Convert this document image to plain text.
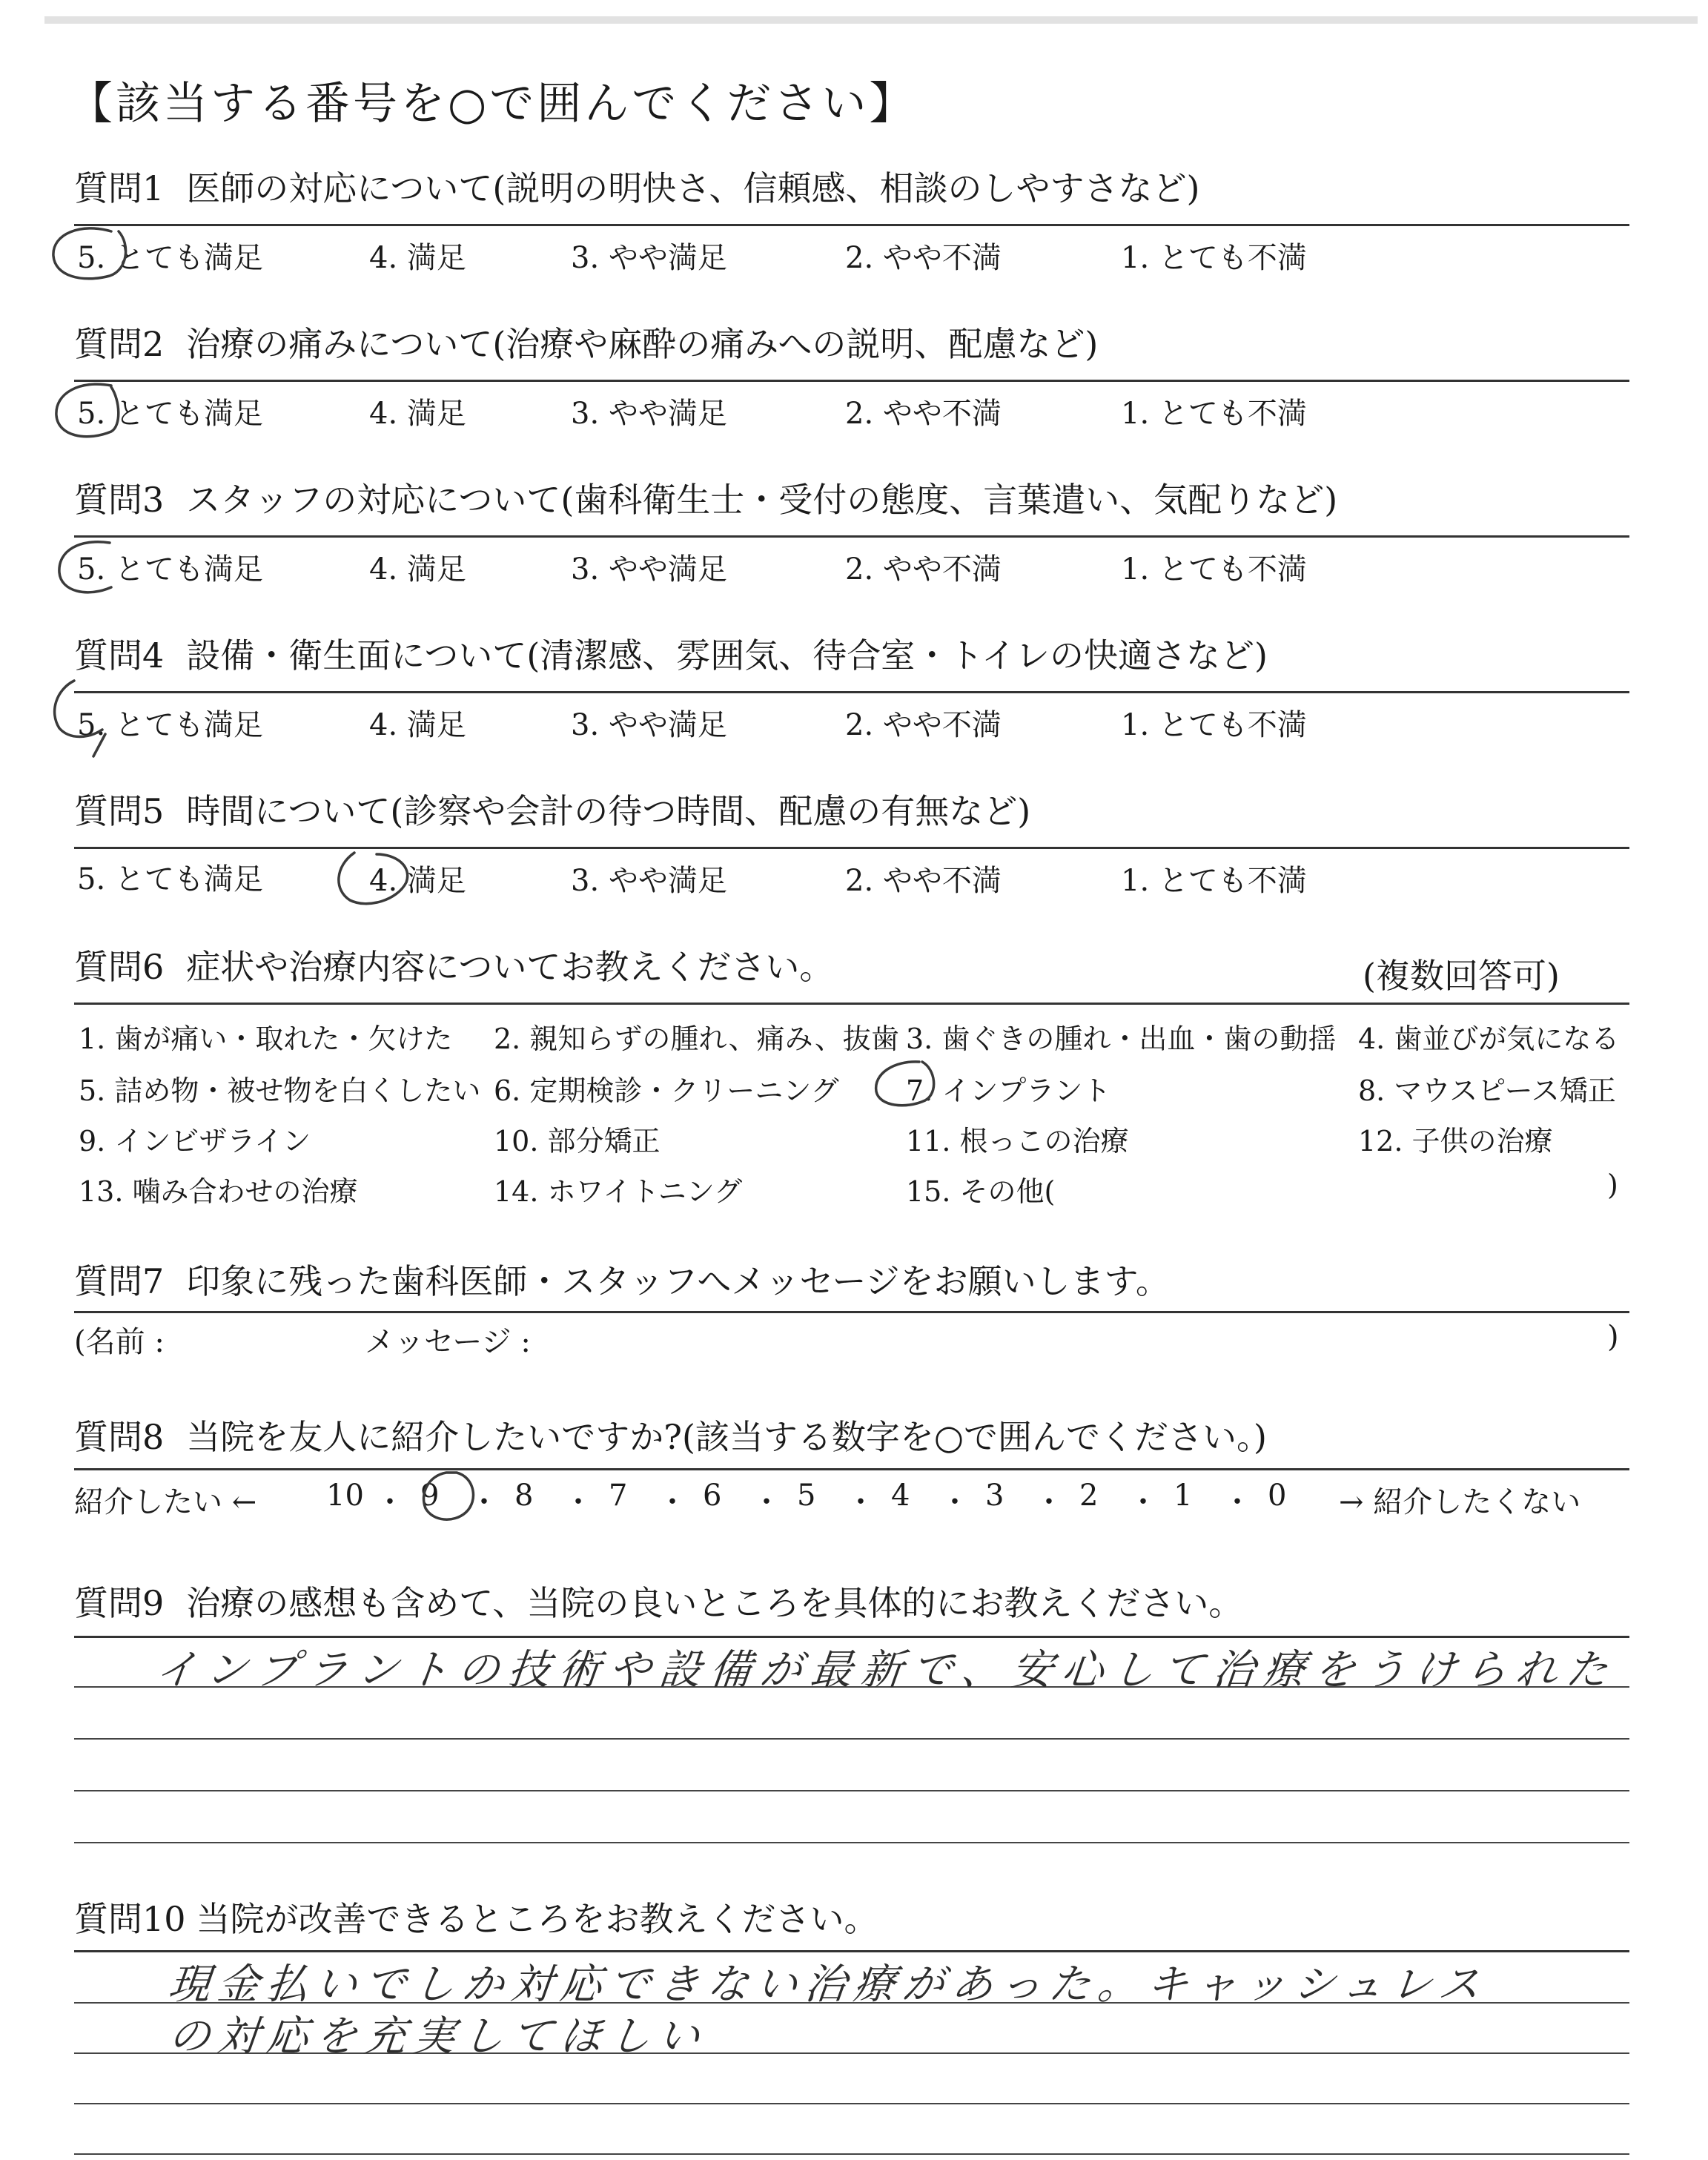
【該当する番号を○で囲んでください】
質問1 医師の対応について(説明の明快さ、信頼感、相談のしやすさなど)
5. とても満足	4. 満足	3. やや満足	2. やや不満	1. とても不満
質問2 治療の痛みについて(治療や麻酔の痛みへの説明、配慮など)
5. とても満足	4. 満足	3. やや満足	2. やや不満	1. とても不満
質問3 スタッフの対応について(歯科衛生士・受付の態度、言葉遣い、気配りなど)
5. とても満足	4. 満足	3. やや満足	2. やや不満	1. とても不満
質問4 設備・衛生面について(清潔感、雰囲気、待合室・トイレの快適さなど)
5. とても満足	4. 満足	3. やや満足	2. やや不満	1. とても不満
質問5 時間について(診察や会計の待つ時間、配慮の有無など)
5. とても満足	4. 満足	3. やや満足	2. やや不満	1. とても不満
質問6 症状や治療内容についてお教えください。	(複数回答可)
1. 歯が痛い・取れた・欠けた 2. 親知らずの腫れ、痛み、抜歯 3. 歯ぐきの腫れ・出血・歯の動揺 4. 歯並びが気になる
5. 詰め物・被せ物を白くしたい 6. 定期検診・クリーニング 7. インプラント	8. マウスピース矯正
9. インビザライン	10. 部分矯正	11. 根っこの治療	12. 子供の治療
13. 噛み合わせの治療	14. ホワイトニング	15. その他(	)
質問7 印象に残った歯科医師・スタッフへメッセージをお願いします。
(名前 :	メッセージ :	)
質問8 当院を友人に紹介したいですか?(該当する数字を○で囲んでください。)
紹介したい ←	→ 紹介したくない
10 ・ 9 ・ 8 ・ 7 ・ 6 ・ 5 ・ 4 ・ 3 ・ 2 ・ 1 ・ 0
質問9 治療の感想も含めて、当院の良いところを具体的にお教えください。
インプラントの技術や設備が最新で、安心して治療をうけられた
質問10 当院が改善できるところをお教えください。
現金払いでしか対応できない治療があった。キャッシュレス
の対応を充実してほしい
